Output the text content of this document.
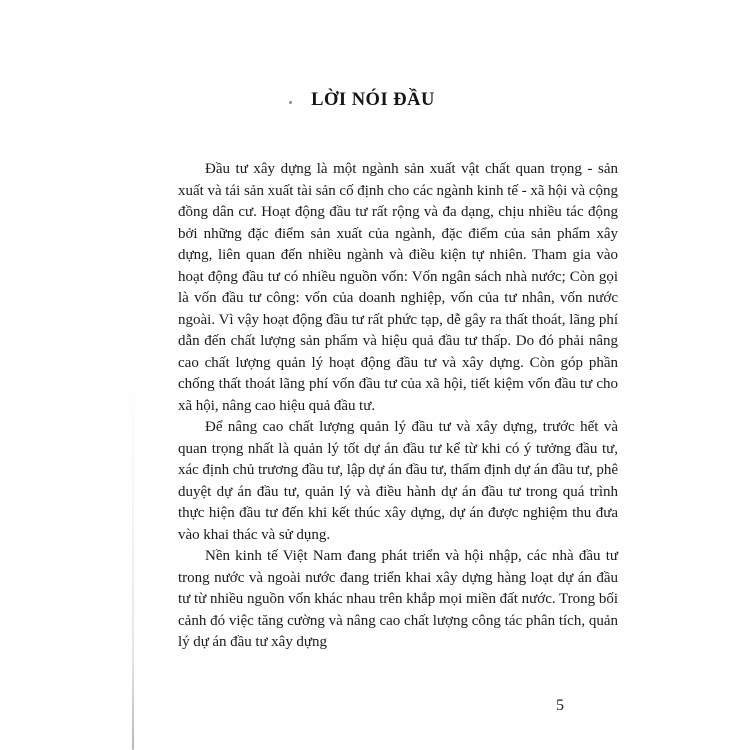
LỜI NÓI ĐẦU

Đầu tư xây dựng là một ngành sản xuất vật chất quan trọng - sản xuất và tái sản xuất tài sản cố định cho các ngành kinh tế - xã hội và cộng đồng dân cư. Hoạt động đầu tư rất rộng và đa dạng, chịu nhiều tác động bởi những đặc điểm sản xuất của ngành, đặc điểm của sản phẩm xây dựng, liên quan đến nhiều ngành và điều kiện tự nhiên. Tham gia vào hoạt động đầu tư có nhiều nguồn vốn: Vốn ngân sách nhà nước; Còn gọi là vốn đầu tư công: vốn của doanh nghiệp, vốn của tư nhân, vốn nước ngoài. Vì vậy hoạt động đầu tư rất phức tạp, dễ gây ra thất thoát, lãng phí dẫn đến chất lượng sản phẩm và hiệu quả đầu tư thấp. Do đó phải nâng cao chất lượng quản lý hoạt động đầu tư và xây dựng. Còn góp phần chống thất thoát lãng phí vốn đầu tư của xã hội, tiết kiệm vốn đầu tư cho xã hội, nâng cao hiệu quả đầu tư.

Để nâng cao chất lượng quản lý đầu tư và xây dựng, trước hết và quan trọng nhất là quản lý tốt dự án đầu tư kể từ khi có ý tưởng đầu tư, xác định chủ trương đầu tư, lập dự án đầu tư, thẩm định dự án đầu tư, phê duyệt dự án đầu tư, quản lý và điều hành dự án đầu tư trong quá trình thực hiện đầu tư đến khi kết thúc xây dựng, dự án được nghiệm thu đưa vào khai thác và sử dụng.

Nền kinh tế Việt Nam đang phát triển và hội nhập, các nhà đầu tư trong nước và ngoài nước đang triển khai xây dựng hàng loạt dự án đầu tư từ nhiều nguồn vốn khác nhau trên khắp mọi miền đất nước. Trong bối cảnh đó việc tăng cường và nâng cao chất lượng công tác phân tích, quản lý dự án đầu tư xây dựng

5
